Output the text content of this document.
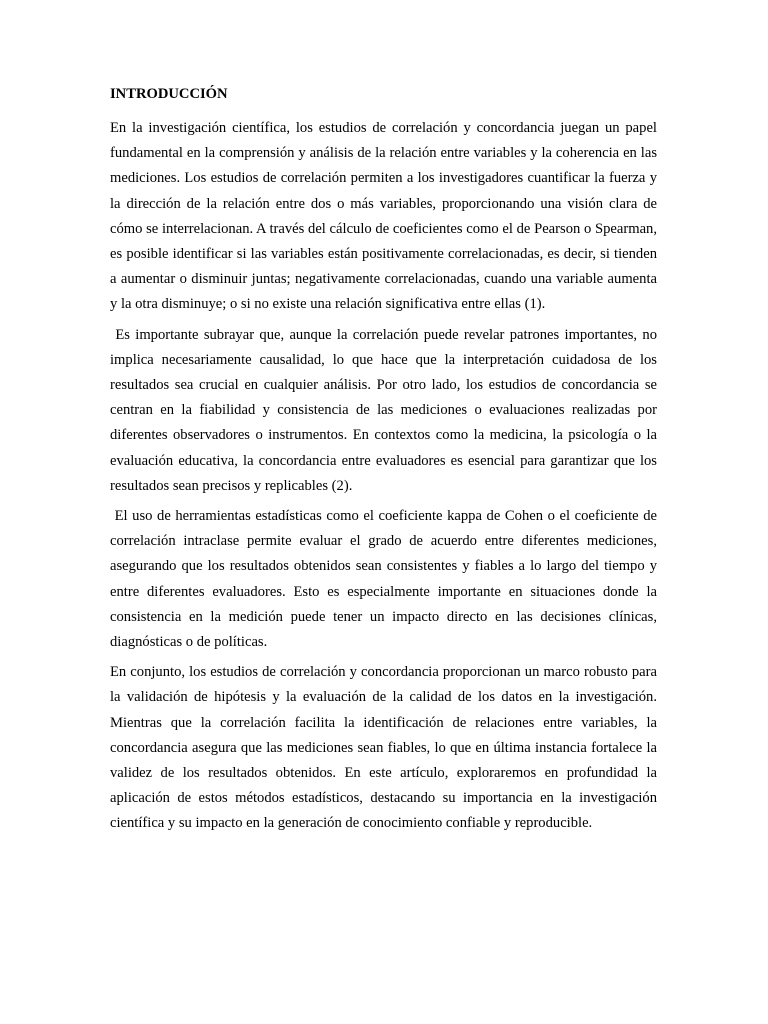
INTRODUCCIÓN

En la investigación científica, los estudios de correlación y concordancia juegan un papel fundamental en la comprensión y análisis de la relación entre variables y la coherencia en las mediciones. Los estudios de correlación permiten a los investigadores cuantificar la fuerza y la dirección de la relación entre dos o más variables, proporcionando una visión clara de cómo se interrelacionan. A través del cálculo de coeficientes como el de Pearson o Spearman, es posible identificar si las variables están positivamente correlacionadas, es decir, si tienden a aumentar o disminuir juntas; negativamente correlacionadas, cuando una variable aumenta y la otra disminuye; o si no existe una relación significativa entre ellas (1).

Es importante subrayar que, aunque la correlación puede revelar patrones importantes, no implica necesariamente causalidad, lo que hace que la interpretación cuidadosa de los resultados sea crucial en cualquier análisis. Por otro lado, los estudios de concordancia se centran en la fiabilidad y consistencia de las mediciones o evaluaciones realizadas por diferentes observadores o instrumentos. En contextos como la medicina, la psicología o la evaluación educativa, la concordancia entre evaluadores es esencial para garantizar que los resultados sean precisos y replicables (2).

El uso de herramientas estadísticas como el coeficiente kappa de Cohen o el coeficiente de correlación intraclase permite evaluar el grado de acuerdo entre diferentes mediciones, asegurando que los resultados obtenidos sean consistentes y fiables a lo largo del tiempo y entre diferentes evaluadores. Esto es especialmente importante en situaciones donde la consistencia en la medición puede tener un impacto directo en las decisiones clínicas, diagnósticas o de políticas.

En conjunto, los estudios de correlación y concordancia proporcionan un marco robusto para la validación de hipótesis y la evaluación de la calidad de los datos en la investigación. Mientras que la correlación facilita la identificación de relaciones entre variables, la concordancia asegura que las mediciones sean fiables, lo que en última instancia fortalece la validez de los resultados obtenidos. En este artículo, exploraremos en profundidad la aplicación de estos métodos estadísticos, destacando su importancia en la investigación científica y su impacto en la generación de conocimiento confiable y reproducible.
